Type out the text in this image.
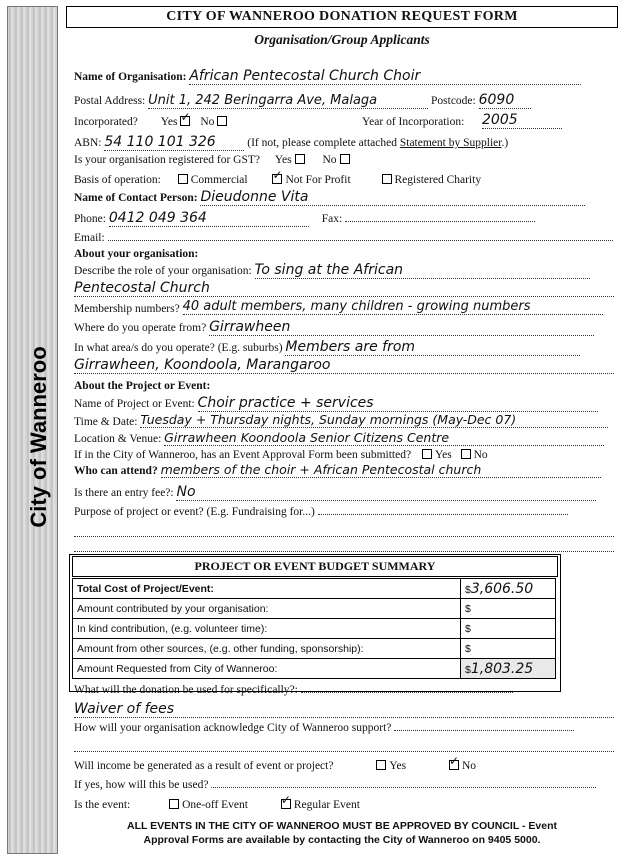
City of Wanneroo
CITY OF WANNEROO DONATION REQUEST FORM
Organisation/Group Applicants
Name of Organisation: African Pentecostal Church Choir
Postal Address: Unit 1, 242 Beringarra Ave, Malaga	Postcode: 6090
Incorporated? Yes ✓ No	Year of Incorporation: 2005
ABN: 54 110 101 326	(If not, please complete attached Statement by Supplier.)
Is your organisation registered for GST? Yes	No
Basis of operation:	Commercial ✓	Not For Profit	Registered Charity
Name of Contact Person: Dieudonne Vita
Phone: 0412 049 364	Fax:
Email:
About your organisation:
Describe the role of your organisation: To sing at the African
Pentecostal Church
Membership numbers? 40 adult members, many children - growing numbers
Where do you operate from? Girrawheen
In what area/s do you operate? (E.g. suburbs) Members are from
Girrawheen, Koondoola, Marangaroo
About the Project or Event:
Name of Project or Event: Choir practice + services
Time & Date: Tuesday + Thursday nights, Sunday mornings (May-Dec 07)
Location & Venue: Girrawheen Koondoola Senior Citizens Centre
If in the City of Wanneroo, has an Event Approval Form been submitted? Yes No
Who can attend? members of the choir + African Pentecostal church
Is there an entry fee?: No
Purpose of project or event? (E.g. Fundraising for...)
PROJECT OR EVENT BUDGET SUMMARY
Total Cost of Project/Event:	$3,606.50
Amount contributed by your organisation:	$
In kind contribution, (e.g. volunteer time):	$
Amount from other sources, (e.g. other funding, sponsorship):	$
Amount Requested from City of Wanneroo:	$1,803.25
What will the donation be used for specifically?:
Waiver of fees
How will your organisation acknowledge City of Wanneroo support?
Will income be generated as a result of event or project?	Yes ✓	No
If yes, how will this be used?
Is the event:	One-off Event ✓	Regular Event
ALL EVENTS IN THE CITY OF WANNEROO MUST BE APPROVED BY COUNCIL - Event
Approval Forms are available by contacting the City of Wanneroo on 9405 5000.
